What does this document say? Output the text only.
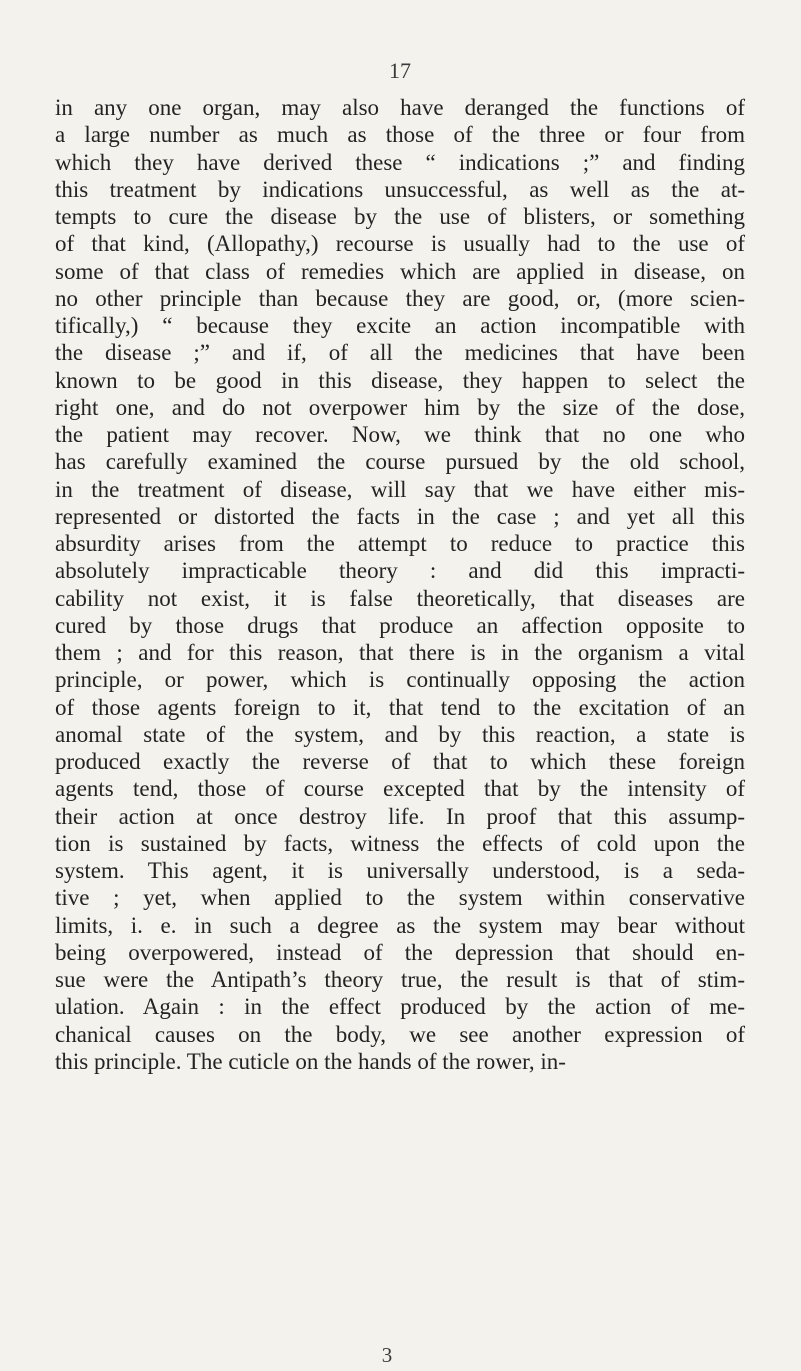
17
in any one organ, may also have deranged the functions of
a large number as much as those of the three or four from
which they have derived these “ indications ;” and finding
this treatment by indications unsuccessful, as well as the at-
tempts to cure the disease by the use of blisters, or something
of that kind, (Allopathy,) recourse is usually had to the use of
some of that class of remedies which are applied in disease, on
no other principle than because they are good, or, (more scien-
tifically,) “ because they excite an action incompatible with
the disease ;” and if, of all the medicines that have been
known to be good in this disease, they happen to select the
right one, and do not overpower him by the size of the dose,
the patient may recover. Now, we think that no one who
has carefully examined the course pursued by the old school,
in the treatment of disease, will say that we have either mis-
represented or distorted the facts in the case ; and yet all this
absurdity arises from the attempt to reduce to practice this
absolutely impracticable theory : and did this impracti-
cability not exist, it is false theoretically, that diseases are
cured by those drugs that produce an affection opposite to
them ; and for this reason, that there is in the organism a vital
principle, or power, which is continually opposing the action
of those agents foreign to it, that tend to the excitation of an
anomal state of the system, and by this reaction, a state is
produced exactly the reverse of that to which these foreign
agents tend, those of course excepted that by the intensity of
their action at once destroy life. In proof that this assump-
tion is sustained by facts, witness the effects of cold upon the
system. This agent, it is universally understood, is a seda-
tive ; yet, when applied to the system within conservative
limits, i. e. in such a degree as the system may bear without
being overpowered, instead of the depression that should en-
sue were the Antipath’s theory true, the result is that of stim-
ulation. Again : in the effect produced by the action of me-
chanical causes on the body, we see another expression of
this principle. The cuticle on the hands of the rower, in-
3
